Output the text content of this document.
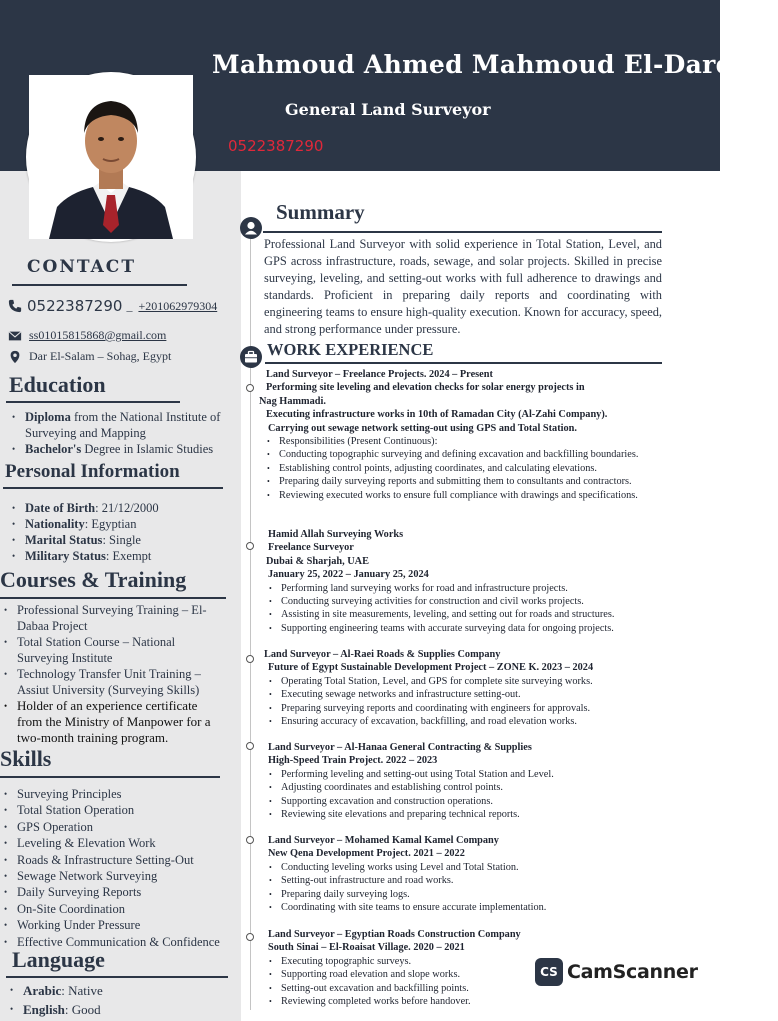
Mahmoud Ahmed Mahmoud El-Dardery
General Land Surveyor
0522387290
CONTACT
0522387290 _ +201062979304
ss01015815868@gmail.com
Dar El-Salam – Sohag, Egypt
Education
• Diploma from the National Institute of Surveying and Mapping
• Bachelor's Degree in Islamic Studies
Personal Information
• Date of Birth: 21/12/2000
• Nationality: Egyptian
• Marital Status: Single
• Military Status: Exempt
Courses & Training
• Professional Surveying Training – El-Dabaa Project
• Total Station Course – National Surveying Institute
• Technology Transfer Unit Training – Assiut University (Surveying Skills)
• Holder of an experience certificate from the Ministry of Manpower for a two-month training program.
Skills
• Surveying Principles
• Total Station Operation
• GPS Operation
• Leveling & Elevation Work
• Roads & Infrastructure Setting-Out
• Sewage Network Surveying
• Daily Surveying Reports
• On-Site Coordination
• Working Under Pressure
• Effective Communication & Confidence
Language
• Arabic: Native
• English: Good
Summary
Professional Land Surveyor with solid experience in Total Station, Level, and GPS across infrastructure, roads, sewage, and solar projects. Skilled in precise surveying, leveling, and setting-out works with full adherence to drawings and standards. Proficient in preparing daily reports and coordinating with engineering teams to ensure high-quality execution. Known for accuracy, speed, and strong performance under pressure.
WORK EXPERIENCE
Land Surveyor – Freelance Projects. 2024 – Present
Performing site leveling and elevation checks for solar energy projects in
Nag Hammadi.
Executing infrastructure works in 10th of Ramadan City (Al-Zahi Company).
Carrying out sewage network setting-out using GPS and Total Station.
• Responsibilities (Present Continuous):
• Conducting topographic surveying and defining excavation and backfilling boundaries.
• Establishing control points, adjusting coordinates, and calculating elevations.
• Preparing daily surveying reports and submitting them to consultants and contractors.
• Reviewing executed works to ensure full compliance with drawings and specifications.
Hamid Allah Surveying Works
Freelance Surveyor
Dubai & Sharjah, UAE
January 25, 2022 – January 25, 2024
• Performing land surveying works for road and infrastructure projects.
• Conducting surveying activities for construction and civil works projects.
• Assisting in site measurements, leveling, and setting out for roads and structures.
• Supporting engineering teams with accurate surveying data for ongoing projects.
Land Surveyor – Al-Raei Roads & Supplies Company
Future of Egypt Sustainable Development Project – ZONE K. 2023 – 2024
• Operating Total Station, Level, and GPS for complete site surveying works.
• Executing sewage networks and infrastructure setting-out.
• Preparing surveying reports and coordinating with engineers for approvals.
• Ensuring accuracy of excavation, backfilling, and road elevation works.
Land Surveyor – Al-Hanaa General Contracting & Supplies
High-Speed Train Project. 2022 – 2023
• Performing leveling and setting-out using Total Station and Level.
• Adjusting coordinates and establishing control points.
• Supporting excavation and construction operations.
• Reviewing site elevations and preparing technical reports.
Land Surveyor – Mohamed Kamal Kamel Company
New Qena Development Project. 2021 – 2022
• Conducting leveling works using Level and Total Station.
• Setting-out infrastructure and road works.
• Preparing daily surveying logs.
• Coordinating with site teams to ensure accurate implementation.
Land Surveyor – Egyptian Roads Construction Company
South Sinai – El-Roaisat Village. 2020 – 2021
• Executing topographic surveys.
• Supporting road elevation and slope works.
• Setting-out excavation and backfilling points.
• Reviewing completed works before handover.
CS CamScanner
